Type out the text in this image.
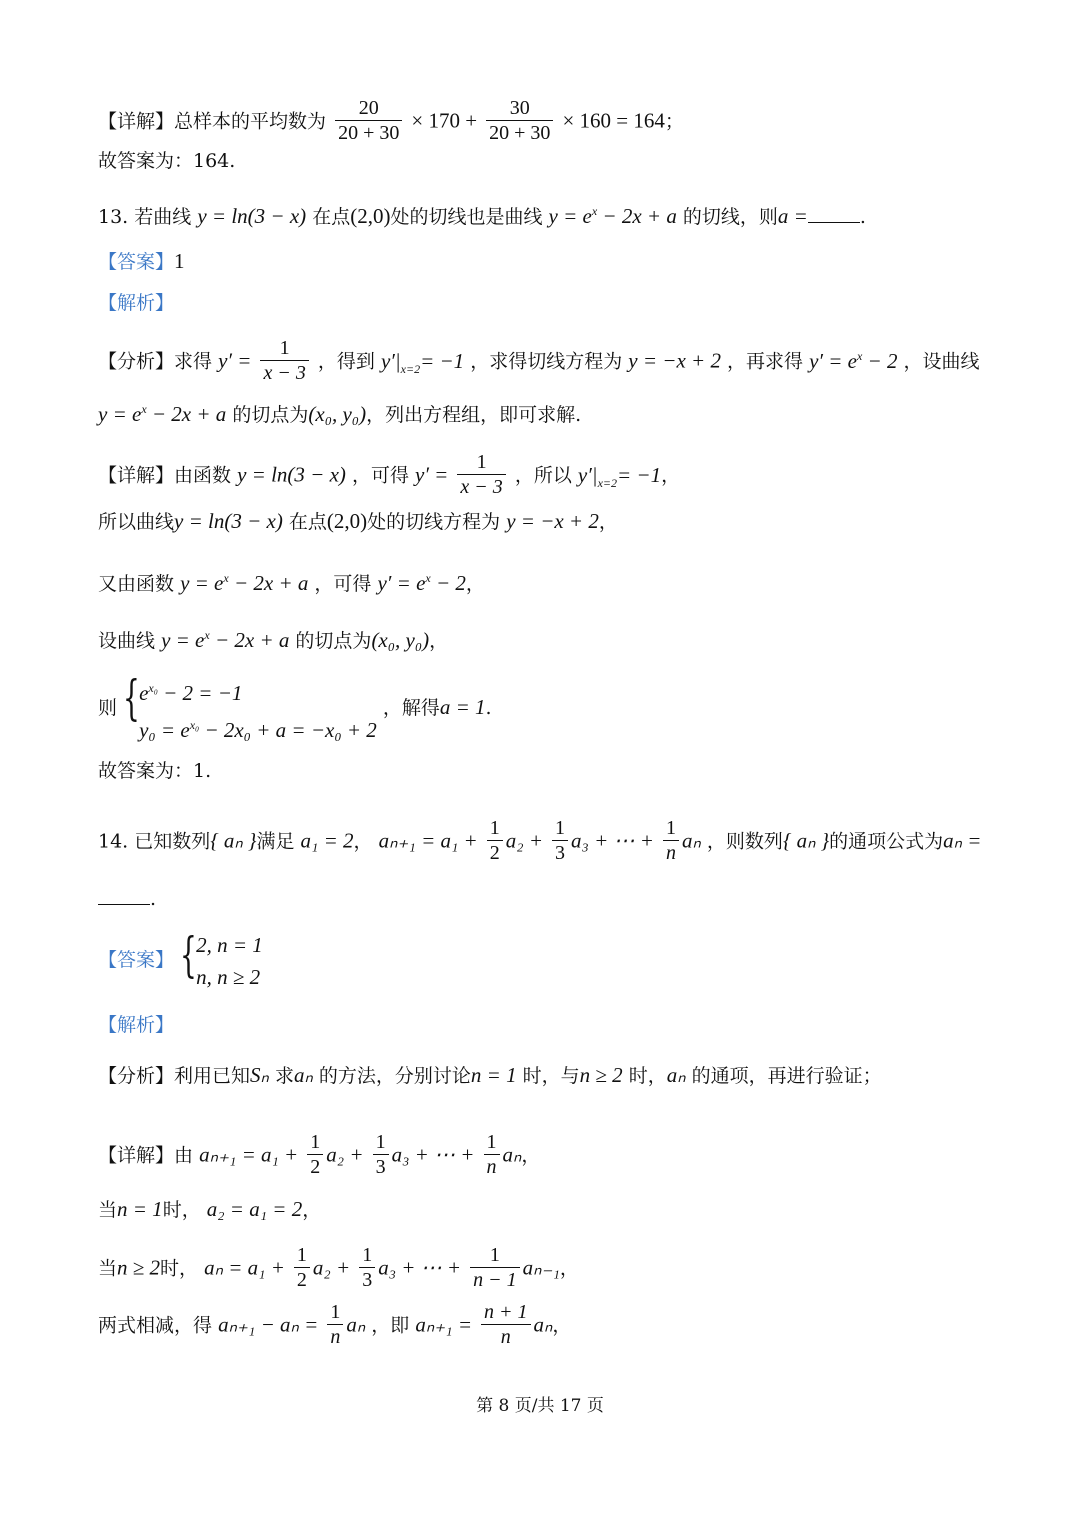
【详解】总样本的平均数为 $\frac{20}{20 + 30} \times 170 + \frac{30}{20 + 30} \times 160 = 164$；
故答案为：164.
13. 若曲线 y = ln(3 − x) 在点(2,0)处的切线也是曲线 $y = e^x - 2x + a$ 的切线，则a =	.
【答案】1
【解析】
【分析】求得 $y' = \frac{1}{x - 3}$ ，得到 $y'|_{x=2}= -1$ ，求得切线方程为 y = −x + 2 ，再求得 $y' = e^x - 2$ ，设曲线
$y = e^x - 2x + a$ 的切点为(x₀, y₀)，列出方程组，即可求解.
【详解】由函数 y = ln(3 − x) ，可得 $y' = \frac{1}{x - 3}$ ，所以 $y'|_{x=2}= -1$，
所以曲线y = ln(3 − x) 在点(2,0)处的切线方程为 y = −x + 2，
又由函数 $y = e^x - 2x + a$ ，可得 $y' = e^x - 2$，
设曲线 $y = e^x - 2x + a$ 的切点为(x₀, y₀)，
则 { $e^{x_0} - 2 = -1$
$y_0 = e^{x_0} - 2x_0 + a = -x_0 + 2$
，解得a = 1.
故答案为：1.
14. 已知数列{ aₙ }满足 a₁ = 2， $a_{n+1} = a_1 + \frac{1}{2} a_2 + \frac{1}{3} a_3$ + ⋯ + $\frac{1}{n}$ aₙ ，则数列{ aₙ }的通项公式为aₙ =
.
【答案】 { 2, n = 1
n, n ≥ 2
【解析】
【分析】利用已知Sₙ 求aₙ 的方法，分别讨论n = 1 时，与n ≥ 2 时，aₙ 的通项，再进行验证；
【详解】由 $a_{n+1} = a_1 + \frac{1}{2} a_2 + \frac{1}{3} a_3$ + ⋯ + $\frac{1}{n}$ aₙ，
当n = 1时， a₂ = a₁ = 2，
当n ≥ 2时， $a_n = a_1 + \frac{1}{2} a_2 + \frac{1}{3} a_3$ + ⋯ + $\frac{1}{n - 1} a_{n-1}$，
两式相减，得 $a_{n+1} - a_n = \frac{1}{n}$ aₙ ，即 $a_{n+1} = \frac{n + 1}{n}$ aₙ，
第 8 页/共 17 页
